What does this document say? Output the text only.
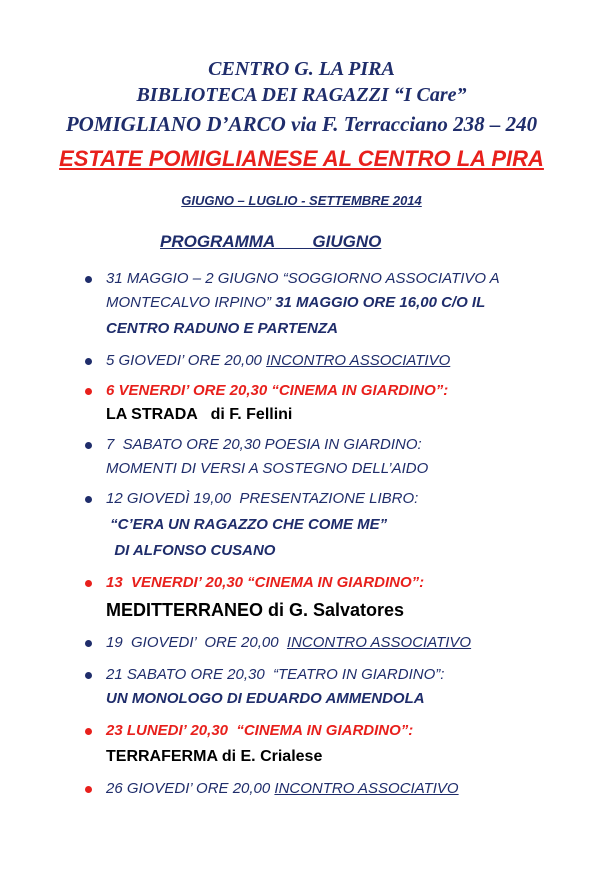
CENTRO G. LA PIRA
BIBLIOTECA DEI RAGAZZI “I Care”
POMIGLIANO D’ARCO via F. Terracciano 238 – 240
ESTATE POMIGLIANESE AL CENTRO LA PIRA
GIUGNO – LUGLIO - SETTEMBRE 2014
PROGRAMMA        GIUGNO
31 MAGGIO – 2 GIUGNO “SOGGIORNO ASSOCIATIVO A
MONTECALVO IRPINO” 31 MAGGIO ORE 16,00 C/O IL
CENTRO RADUNO E PARTENZA
5 GIOVEDI’ ORE 20,00 INCONTRO ASSOCIATIVO
6 VENERDI’ ORE 20,30 “CINEMA IN GIARDINO”:
LA STRADA   di F. Fellini
7  SABATO ORE 20,30 POESIA IN GIARDINO:
MOMENTI DI VERSI A SOSTEGNO DELL’AIDO
12 GIOVEDÌ 19,00  PRESENTAZIONE LIBRO:
“C’ERA UN RAGAZZO CHE COME ME”
DI ALFONSO CUSANO
13  VENERDI’ 20,30 “CINEMA IN GIARDINO”:
MEDITTERRANEO di G. Salvatores
19  GIOVEDI’  ORE 20,00  INCONTRO ASSOCIATIVO
21 SABATO ORE 20,30  “TEATRO IN GIARDINO”:
UN MONOLOGO DI EDUARDO AMMENDOLA
23 LUNEDI’ 20,30  “CINEMA IN GIARDINO”:
TERRAFERMA di E. Crialese
26 GIOVEDI’ ORE 20,00 INCONTRO ASSOCIATIVO
